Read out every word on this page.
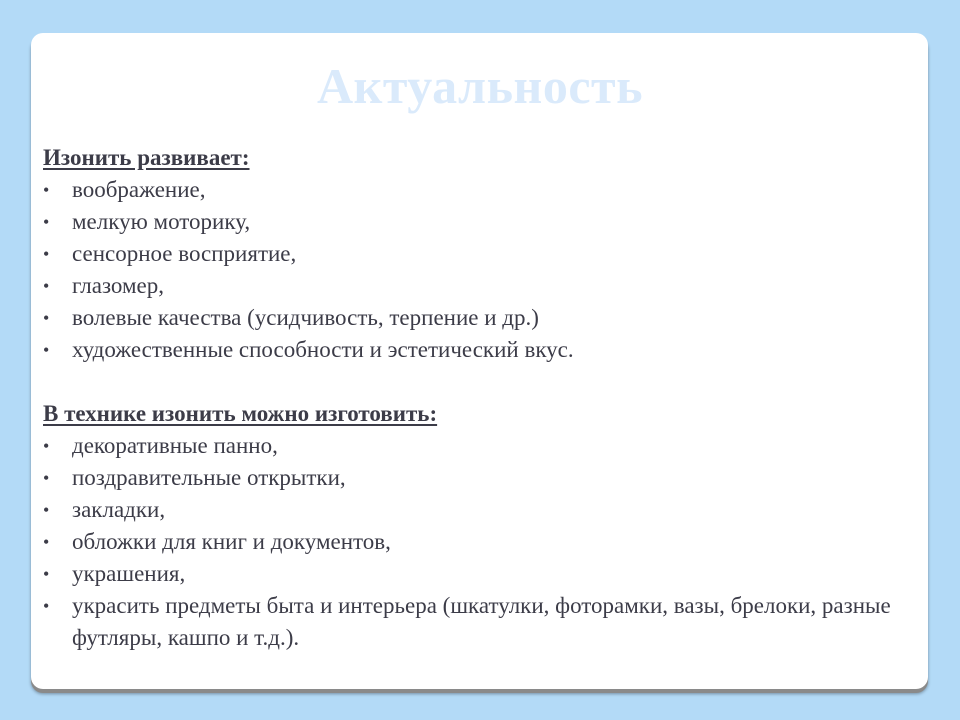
Актуальность

Изонить развивает:

• воображение,
• мелкую моторику,
• сенсорное восприятие,
• глазомер,
• волевые качества (усидчивость, терпение и др.)
• художественные способности и эстетический вкус.

В технике изонить можно изготовить:

• декоративные панно,
• поздравительные открытки,
• закладки,
• обложки для книг и документов,
• украшения,
• украсить предметы быта и интерьера (шкатулки, фоторамки, вазы, брелоки, разные футляры, кашпо и т.д.).
